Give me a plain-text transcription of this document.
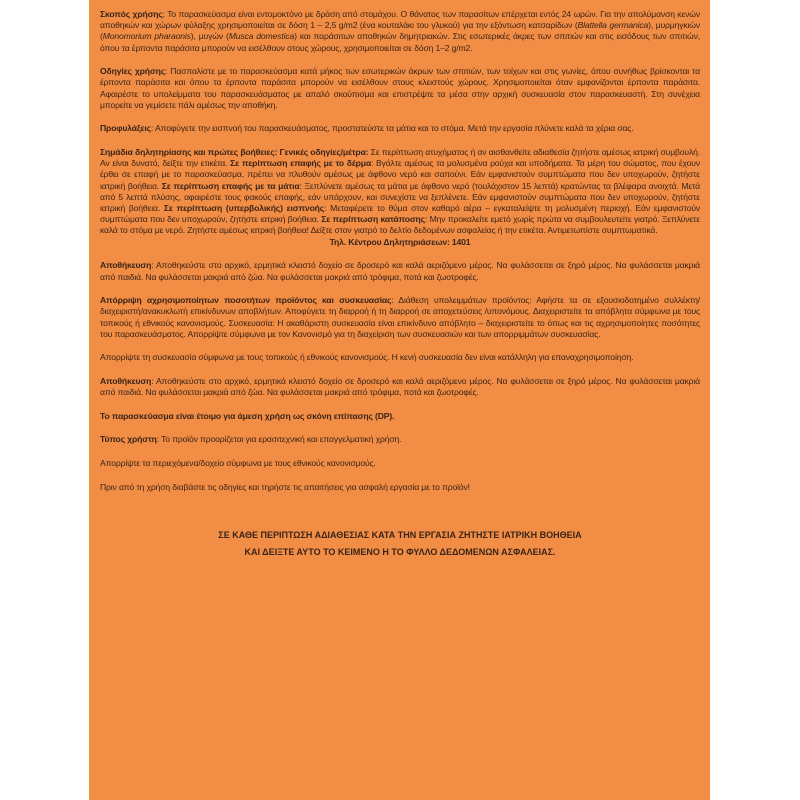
Σκοπός χρήσης: Το παρασκεύασμα είναι εντομοκτόνο με δράση από στομάχου. Ο θάνατος των παρασίτων επέρχεται εντός 24 ωρών. Για την απολύμανση κενών αποθηκών και χώρων φύλαξης χρησιμοποιείται σε δόση 1 – 2,5 g/m2 (ένα κουταλάκι του γλυκού) για την εξόντωση κατσαρίδων (Blattella germanica), μυρμηγκιών (Monomorium pharaonis), μυγών (Musca domestica) και παράσιτων αποθηκών δημητριακών. Στις εσωτερικές άκρες των σπιτιών και στις εισόδους των σπιτιών, όπου τα έρποντα παράσιτα μπορούν να εισέλθουν στους χώρους, χρησιμοποιείται σε δόση 1–2 g/m2.

Οδηγίες χρήσης: Πασπαλίστε με το παρασκεύασμα κατά μήκος των εσωτερικών άκρων των σπιτιών, των τοίχων και στις γωνίες, όπου συνήθως βρίσκονται τα έρποντα παράσιτα και όπου τα έρποντα παράσιτα μπορούν να εισέλθουν στους κλειστούς χώρους. Χρησιμοποιείται όταν εμφανίζονται έρποντα παράσιτα. Αφαιρέστε το υπολείμματα του παρασκευάσματος με απαλό σκούπισμα και επιστρέψτε τα μέσα στην αρχική συσκευασία στον παρασκευαστή. Στη συνέχεια μπορείτε να γεμίσετε πάλι αμέσως την αποθήκη.

Προφυλάξεις: Αποφύγετε την εισπνοή του παρασκευάσματος, προστατεύστε τα μάτια και το στόμα. Μετά την εργασία πλύνετε καλά τα χέρια σας.

Σημάδια δηλητηρίασης και πρώτες βοήθειες: Γενικές οδηγίες/μέτρα: Σε περίπτωση ατυχήματος ή αν αισθανθείτε αδιαθεσία ζητήστε αμέσως ιατρική συμβουλή. Αν είναι δυνατό, δείξτε την ετικέτα. Σε περίπτωση επαφής με το δέρμα: Βγάλτε αμέσως τα μολυσμένα ρούχα και υποδήματα. Τα μέρη του σώματος, που έχουν έρθει σε επαφή με το παρασκεύασμα, πρέπει να πλυθούν αμέσως με άφθονο νερό και σαπούνι. Εάν εμφανιστούν συμπτώματα που δεν υποχωρούν, ζητήστε ιατρική βοήθεια. Σε περίπτωση επαφής με τα μάτια: Ξεπλύνετε αμέσως τα μάτια με άφθονο νερό (τουλάχιστον 15 λεπτά) κρατώντας τα βλέφαρα ανοιχτά. Μετά από 5 λεπτά πλύσης, αφαιρέστε τους φακούς επαφής, εάν υπάρχουν, και συνεχίστε να ξεπλένετε. Εάν εμφανιστούν συμπτώματα που δεν υποχωρούν, ζητήστε ιατρική βοήθεια. Σε περίπτωση (υπερβολικής) εισπνοής: Μεταφέρετε το θύμα στον καθαρό αέρα – εγκαταλείψτε τη μολυσμένη περιοχή. Εάν εμφανιστούν συμπτώματα που δεν υποχωρούν, ζητήστε ιατρική βοήθεια. Σε περίπτωση κατάποσης: Μην προκαλείτε εμετό χωρίς πρώτα να συμβουλευτείτε γιατρό. Ξεπλύνετε καλά το στόμα με νερό. Ζητήστε αμέσως ιατρική βοήθεια! Δείξτε στον γιατρό το δελτίο δεδομένων ασφαλείας ή την ετικέτα. Αντιμετωπίστε συμπτωματικά.

Τηλ. Κέντρου Δηλητηριάσεων: 1401

Αποθήκευση: Αποθηκεύστε στο αρχικό, ερμητικά κλειστό δοχείο σε δροσερό και καλά αεριζόμενο μέρος. Να φυλάσσεται σε ξηρό μέρος. Να φυλάσσεται μακριά από παιδιά. Να φυλάσσεται μακριά από ζώα. Να φυλάσσεται μακριά από τρόφιμα, ποτά και ζωοτροφές.

Απόρριψη αχρησιμοποίητων ποσοτήτων προϊόντος και συσκευασίας: Διάθεση υπολειμμάτων προϊόντος: Αφήστε τα σε εξουσιοδοτημένο συλλέκτη/διαχειριστή/ανακυκλωτή επικίνδυνων αποβλήτων. Αποφύγετε τη διαρροή ή τη διαρροή σε αποχετεύσεις /υπονόμους. Διαχειριστείτε τα απόβλητα σύμφωνα με τους τοπικούς ή εθνικούς κανονισμούς. Συσκευασία: Η ακαθάριστη συσκευασία είναι επικίνδυνο απόβλητο – διαχειριστείτε το όπως και τις αχρησιμοποίητες ποσότητες του παρασκευάσματος. Απορρίψτε σύμφωνα με τον Κανονισμό για τη διαχείριση των συσκευασιών και των απορριμμάτων συσκευασίας.

Απορρίψτε τη συσκευασία σύμφωνα με τους τοπικούς ή εθνικούς κανονισμούς. Η κενή συσκευασία δεν είναι κατάλληλη για επαναχρησιμοποίηση.

Αποθήκευση: Αποθηκεύστε στο αρχικό, ερμητικά κλειστό δοχείο σε δροσερό και καλά αεριζόμενο μέρος. Να φυλάσσεται σε ξηρό μέρος. Να φυλάσσεται μακριά από παιδιά. Να φυλάσσεται μακριά από ζώα. Να φυλάσσεται μακριά από τρόφιμα, ποτά και ζωοτροφές.

Το παρασκεύασμα είναι έτοιμο για άμεση χρήση ως σκόνη επίπασης (DP).

Τύπος χρήστη: Το προϊόν προορίζεται για ερασιτεχνική και επαγγελματική χρήση.

Απορρίψτε τα περιεχόμενα/δοχείο σύμφωνα με τους εθνικούς κανονισμούς.

Πριν από τη χρήση διαβάστε τις οδηγίες και τηρήστε τις απαιτήσεις για ασφαλή εργασία με το προϊόν!

ΣΕ ΚΑΘΕ ΠΕΡΙΠΤΩΣΗ ΑΔΙΑΘΕΣΙΑΣ ΚΑΤΑ ΤΗΝ ΕΡΓΑΣΙΑ ΖΗΤΗΣΤΕ ΙΑΤΡΙΚΗ ΒΟΗΘΕΙΑ
ΚΑΙ ΔΕΙΞΤΕ ΑΥΤΟ ΤΟ ΚΕΙΜΕΝΟ Η ΤΟ ΦΥΛΛΟ ΔΕΔΟΜΕΝΩΝ ΑΣΦΑΛΕΙΑΣ.
